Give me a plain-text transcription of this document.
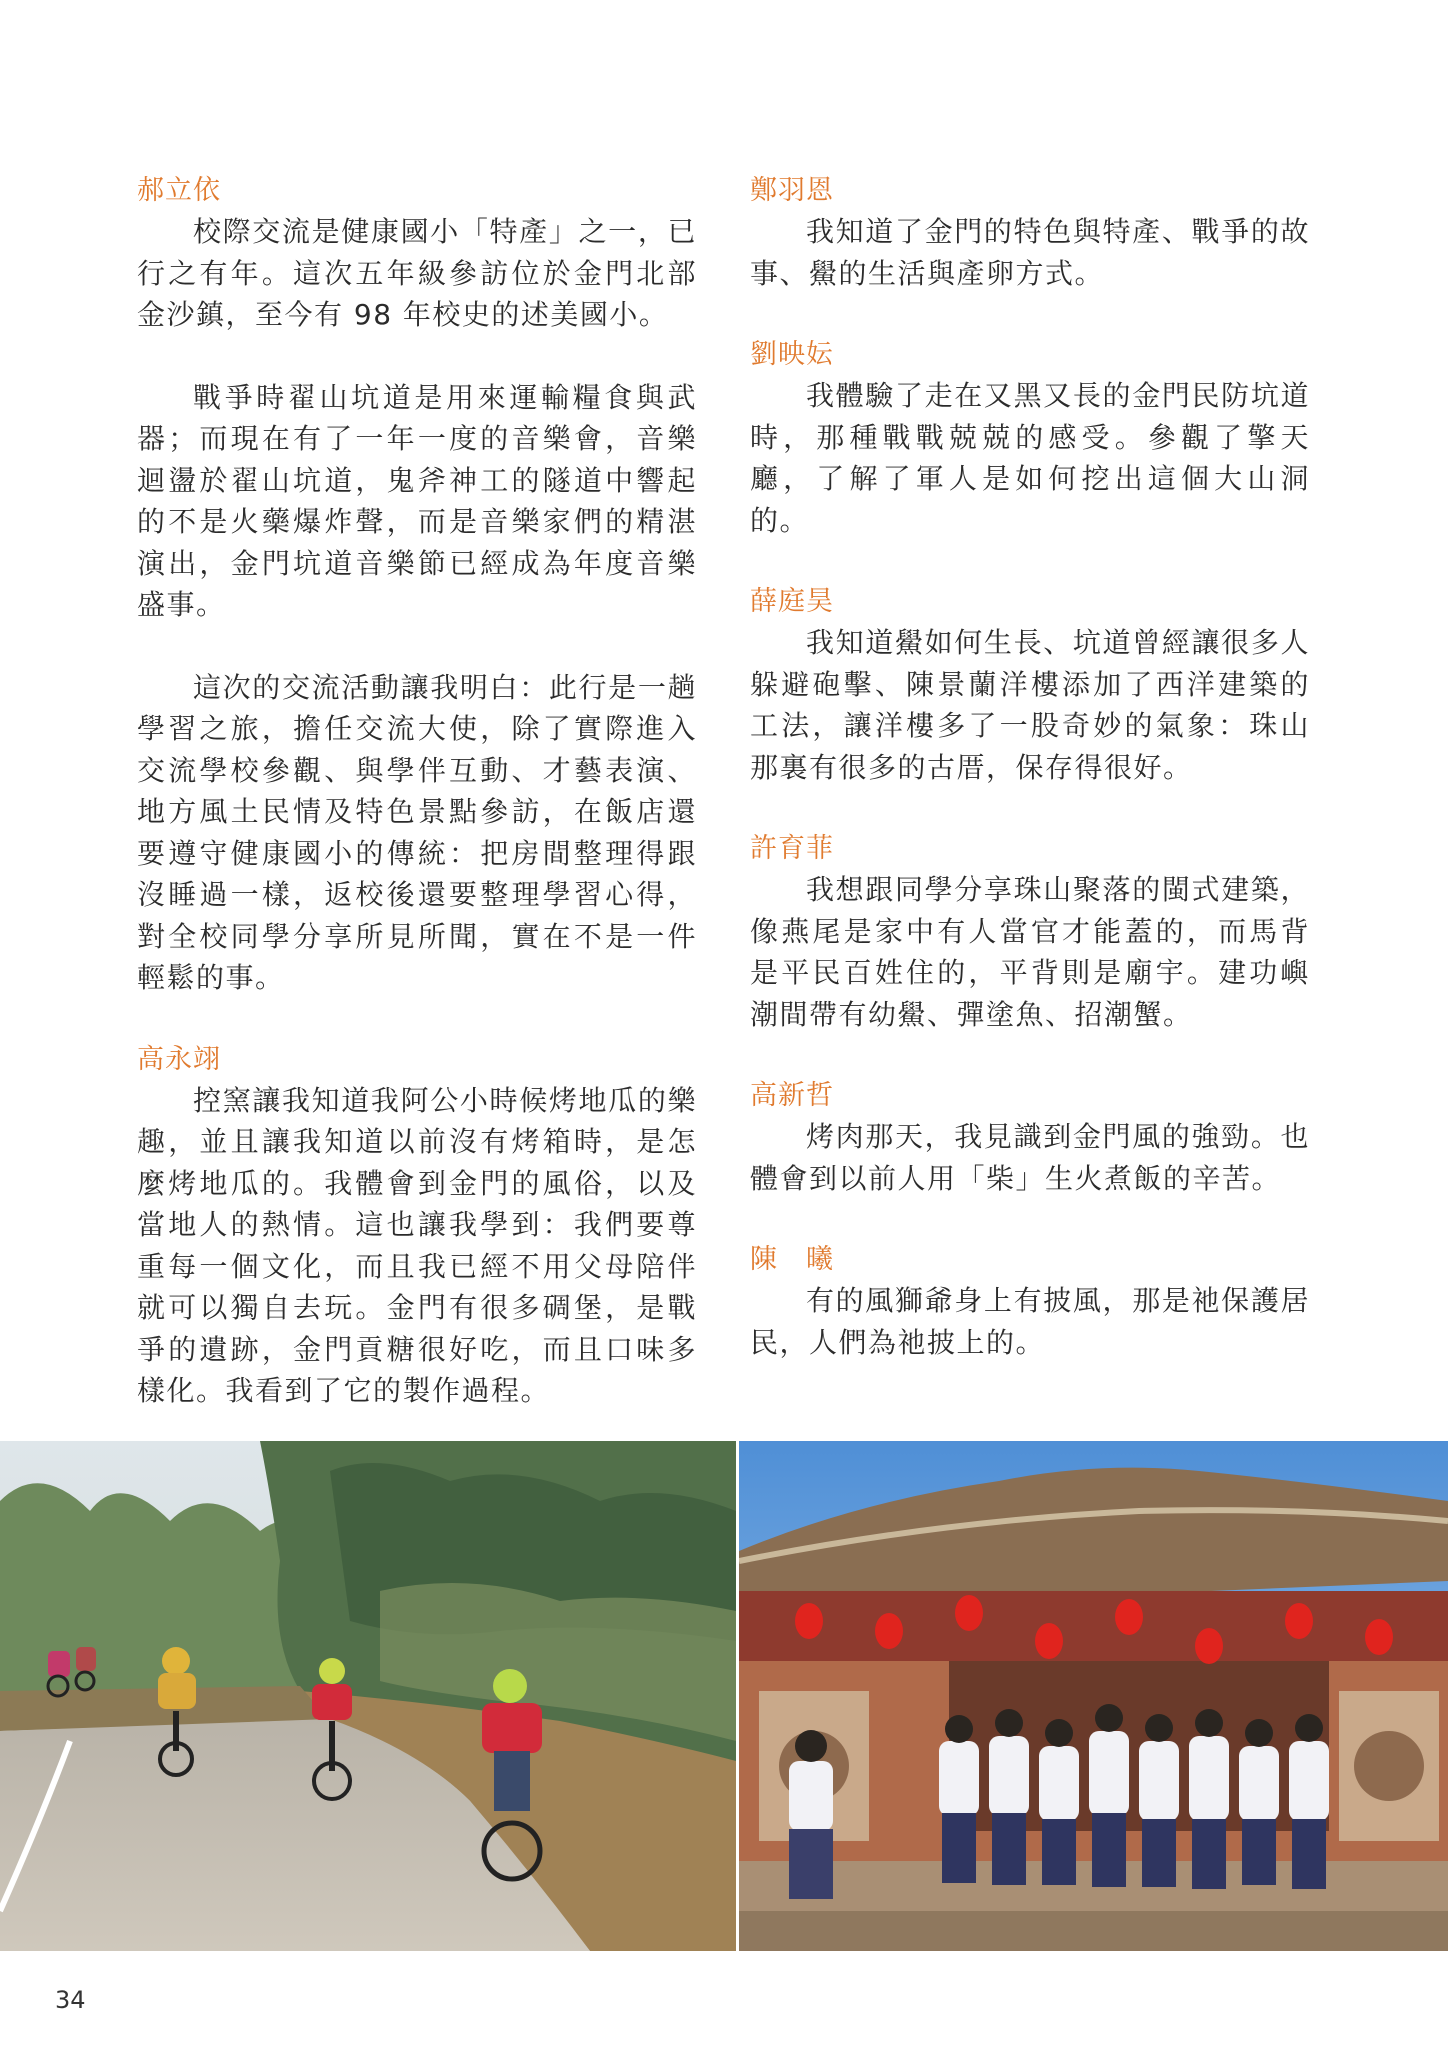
郝立依

校際交流是健康國小「特產」之一，已行之有年。這次五年級參訪位於金門北部金沙鎮，至今有 98 年校史的述美國小。

戰爭時翟山坑道是用來運輸糧食與武器；而現在有了一年一度的音樂會，音樂迴盪於翟山坑道，鬼斧神工的隧道中響起的不是火藥爆炸聲，而是音樂家們的精湛演出，金門坑道音樂節已經成為年度音樂盛事。

這次的交流活動讓我明白：此行是一趟學習之旅，擔任交流大使，除了實際進入交流學校參觀、與學伴互動、才藝表演、地方風土民情及特色景點參訪，在飯店還要遵守健康國小的傳統：把房間整理得跟沒睡過一樣，返校後還要整理學習心得，對全校同學分享所見所聞，實在不是一件輕鬆的事。

高永翊

控窯讓我知道我阿公小時候烤地瓜的樂趣，並且讓我知道以前沒有烤箱時，是怎麼烤地瓜的。我體會到金門的風俗，以及當地人的熱情。這也讓我學到：我們要尊重每一個文化，而且我已經不用父母陪伴就可以獨自去玩。金門有很多碉堡，是戰爭的遺跡，金門貢糖很好吃，而且口味多樣化。我看到了它的製作過程。

鄭羽恩

我知道了金門的特色與特產、戰爭的故事、鱟的生活與產卵方式。

劉映妘

我體驗了走在又黑又長的金門民防坑道時，那種戰戰兢兢的感受。參觀了擎天廳，了解了軍人是如何挖出這個大山洞的。

薛庭昊

我知道鱟如何生長、坑道曾經讓很多人躲避砲擊、陳景蘭洋樓添加了西洋建築的工法，讓洋樓多了一股奇妙的氣象：珠山那裏有很多的古厝，保存得很好。

許育菲

我想跟同學分享珠山聚落的閩式建築，像燕尾是家中有人當官才能蓋的，而馬背是平民百姓住的，平背則是廟宇。建功嶼潮間帶有幼鱟、彈塗魚、招潮蟹。

高新哲

烤肉那天，我見識到金門風的強勁。也體會到以前人用「柴」生火煮飯的辛苦。

陳　曦

有的風獅爺身上有披風，那是祂保護居民，人們為祂披上的。

34
